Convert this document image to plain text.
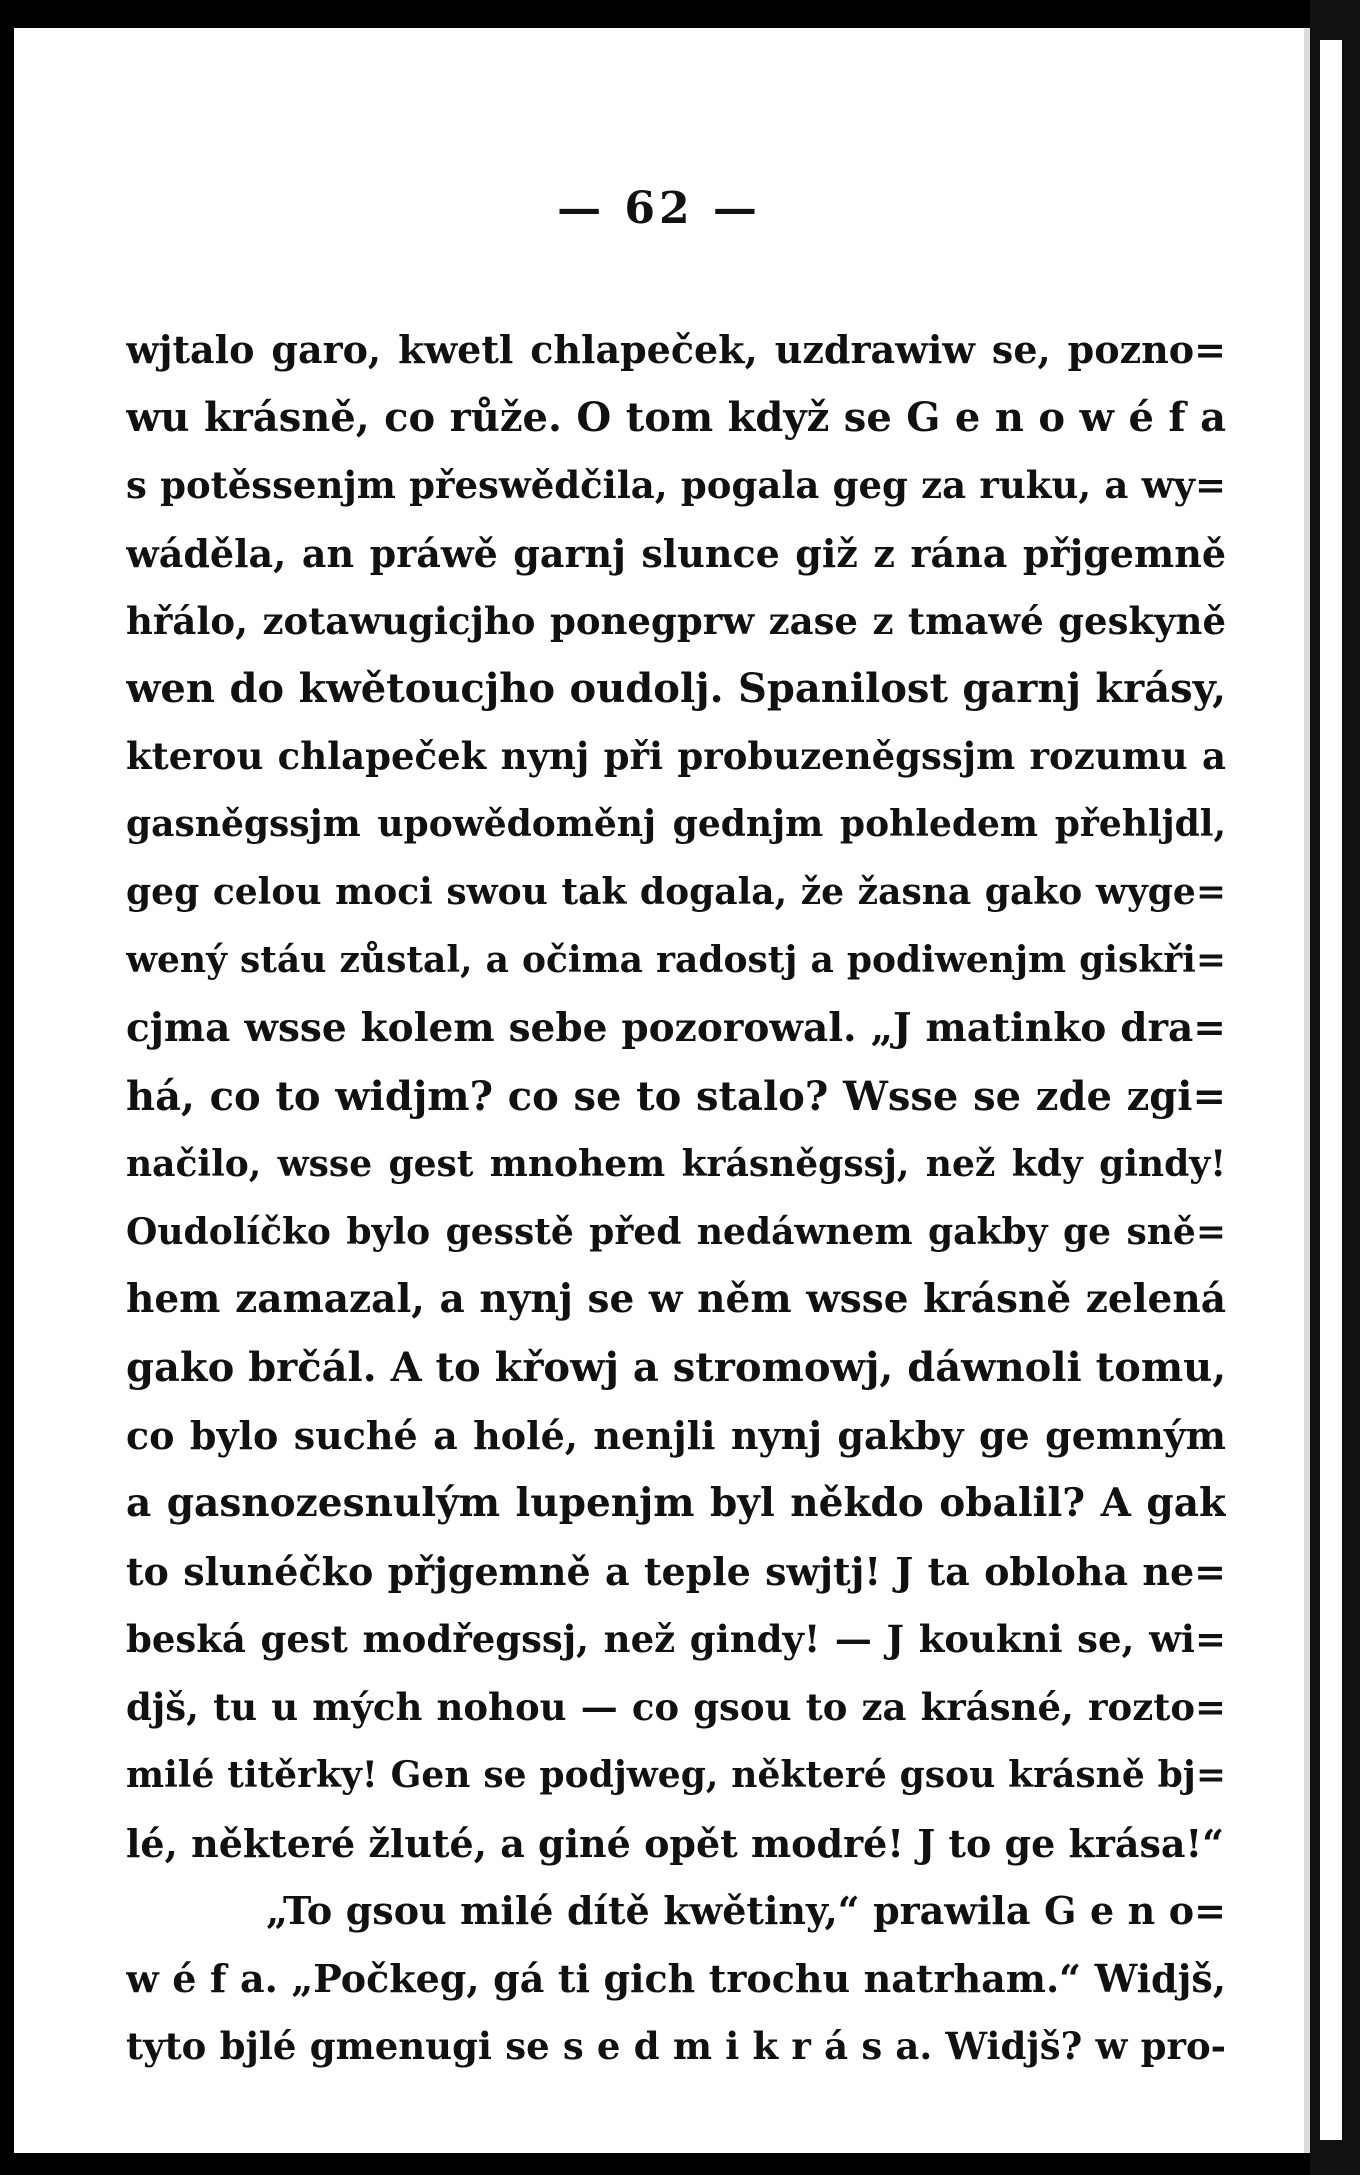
— 62 —
wjtalo garo, kwetl chlapeček, uzdrawiw se, pozno=
wu krásně, co růže. O tom když se G e n o w é f a
s potěssenjm přeswědčila, pogala geg za ruku, a wy=
wáděla, an práwě garnj slunce giž z rána přjgemně
hřálo, zotawugicjho ponegprw zase z tmawé geskyně
wen do kwětoucjho oudolj. Spanilost garnj krásy,
kterou chlapeček nynj při probuzeněgssjm rozumu a
gasněgssjm upowědoměnj gednjm pohledem přehljdl,
geg celou moci swou tak dogala, že žasna gako wyge=
wený stáu zůstal, a očima radostj a podiwenjm giskři=
cjma wsse kolem sebe pozorowal. „J matinko dra=
há, co to widjm? co se to stalo? Wsse se zde zgi=
načilo, wsse gest mnohem krásněgssj, než kdy gindy!
Oudolíčko bylo gesstě před nedáwnem gakby ge sně=
hem zamazal, a nynj se w něm wsse krásně zelená
gako brčál. A to křowj a stromowj, dáwnoli tomu,
co bylo suché a holé, nenjli nynj gakby ge gemným
a gasnozesnulým lupenjm byl někdo obalil? A gak
to slunéčko přjgemně a teple swjtj! J ta obloha ne=
beská gest modřegssj, než gindy! — J koukni se, wi=
djš, tu u mých nohou — co gsou to za krásné, rozto=
milé titěrky! Gen se podjweg, některé gsou krásně bj=
lé, některé žluté, a giné opět modré! J to ge krása!“
„To gsou milé dítě kwětiny,“ prawila G e n o=
w é f a. „Počkeg, gá ti gich trochu natrham.“ Widjš,
tyto bjlé gmenugi se s e d m i k r á s a. Widjš? w pro-
